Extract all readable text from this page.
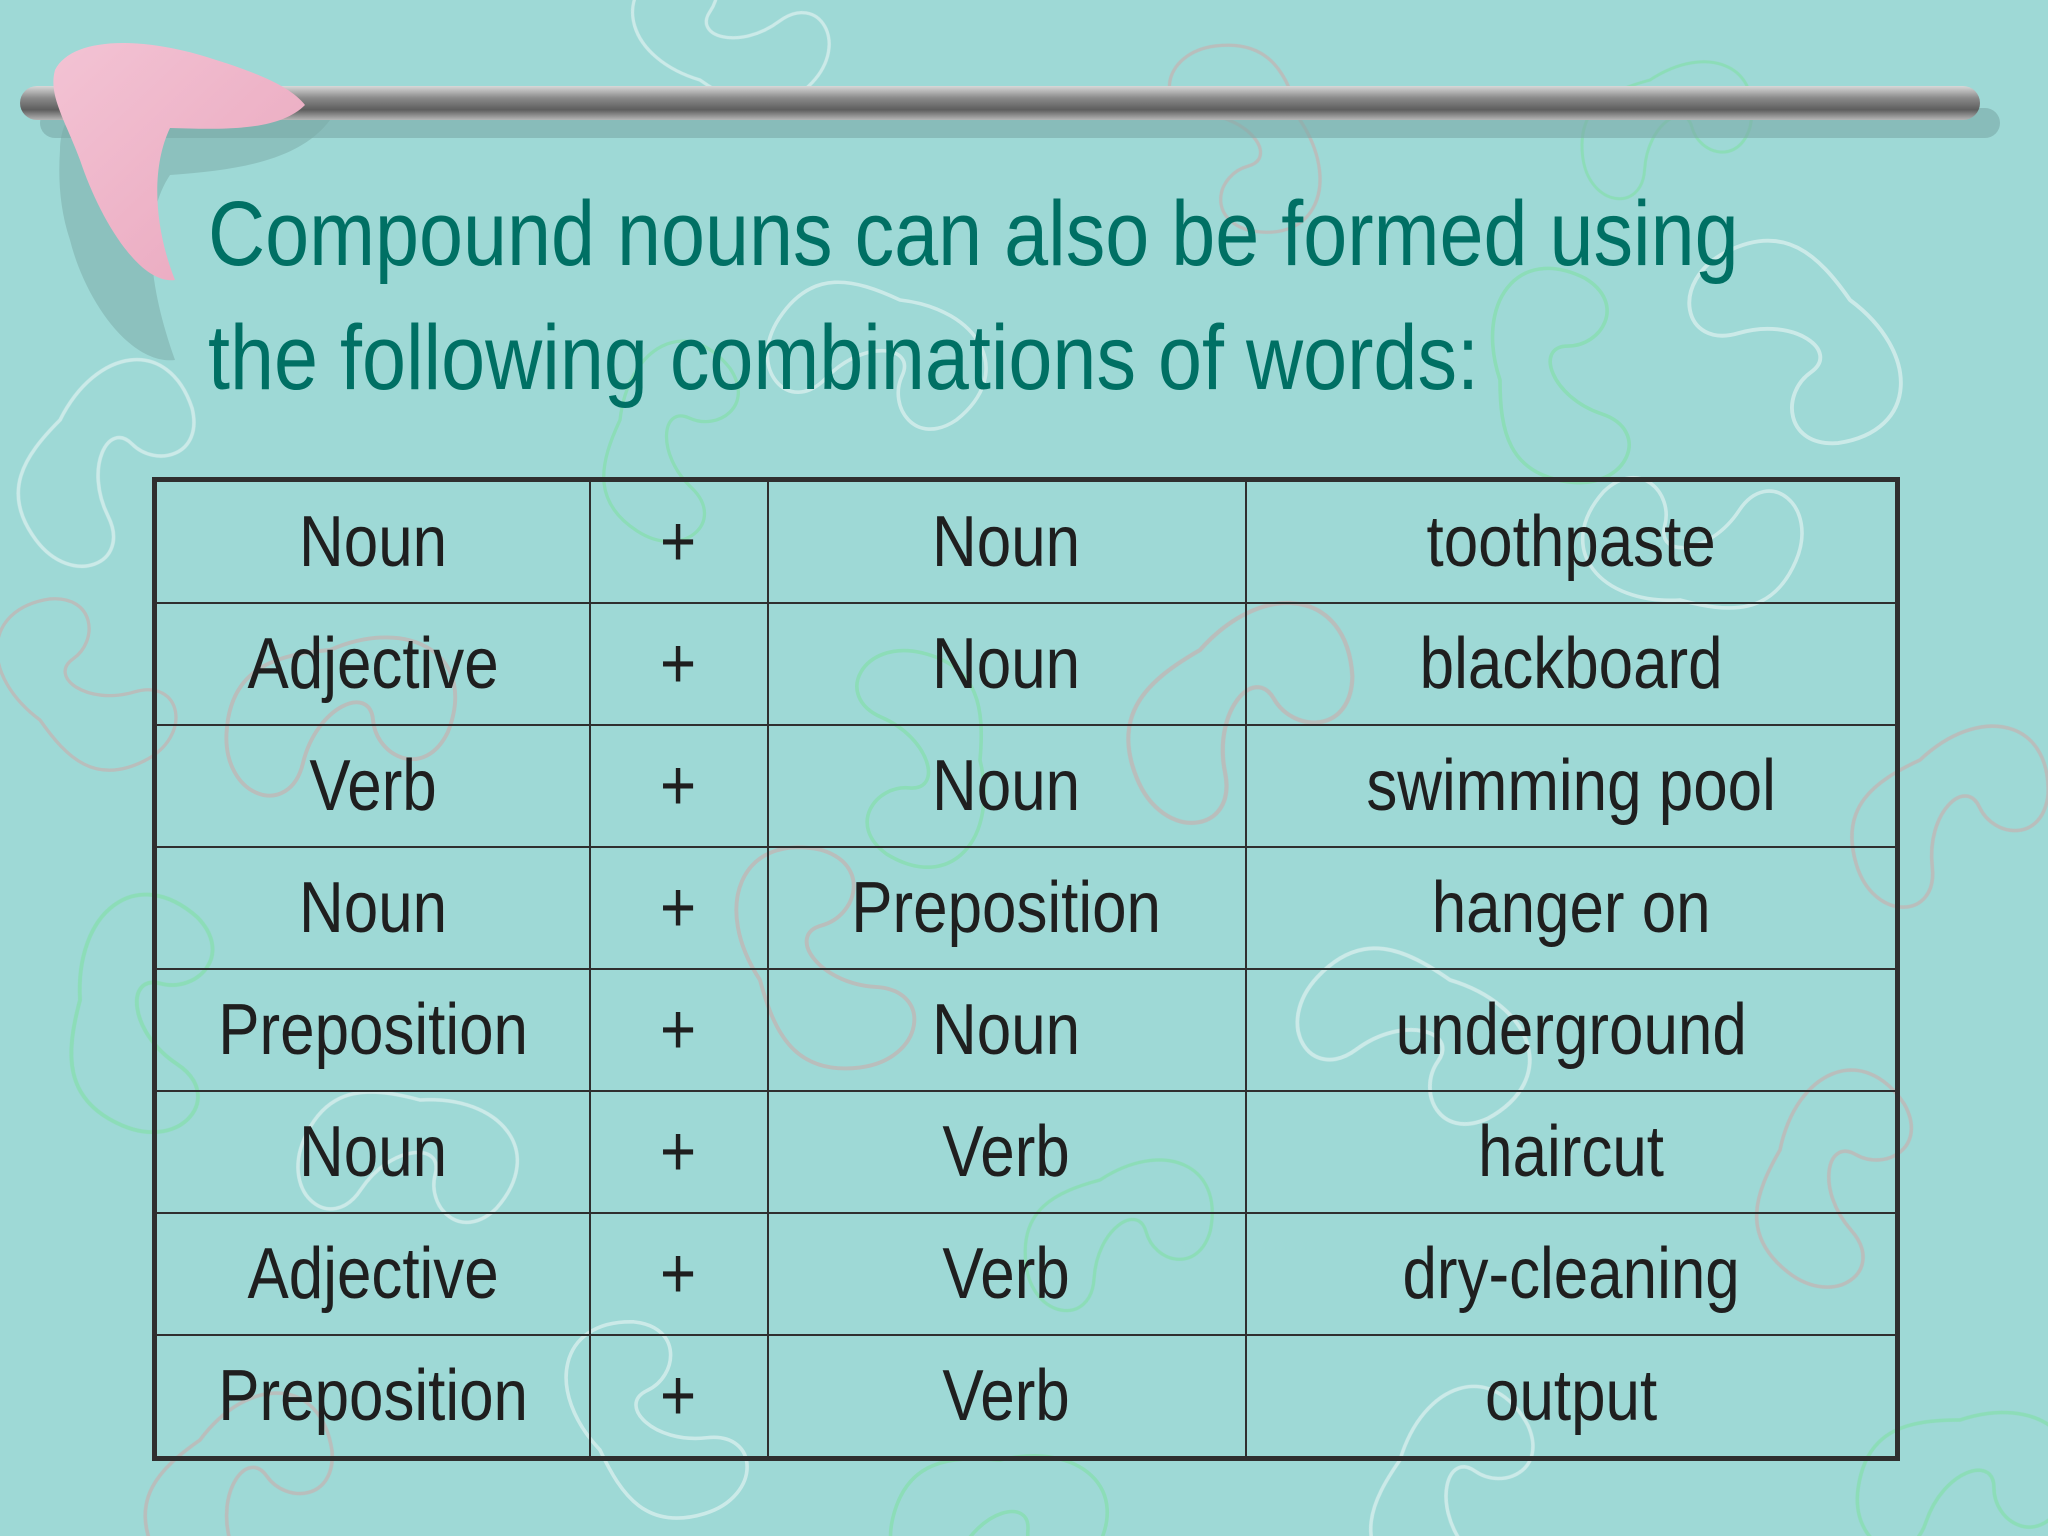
Compound nouns can also be formed using
the following combinations of words:
Noun	+	Noun	toothpaste
Adjective	+	Noun	blackboard
Verb	+	Noun	swimming pool
Noun	+	Preposition	hanger on
Preposition	+	Noun	underground
Noun	+	Verb	haircut
Adjective	+	Verb	dry-cleaning
Preposition	+	Verb	output
